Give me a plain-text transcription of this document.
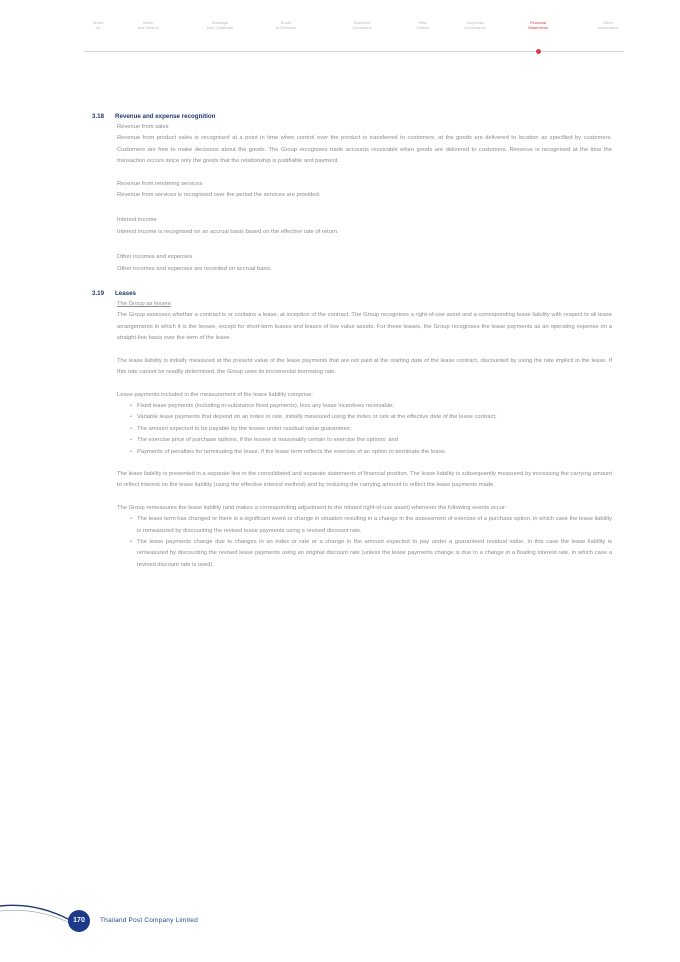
About
Us
Vision
and Mission
Message
from Chairman
Board
of Directors
Business
Operations
Risk
Factors
Corporate
Governance
Financial
Statements
Other
Information
3.18 Revenue and expense recognition

Revenue from sales

Revenue from product sales is recognised at a point in time when control over the product is transferred to customers, at the goods are delivered to location as specified by customers. Customers are free to make decisions about the goods. The Group recognises trade accounts receivable when goods are delivered to customers. Revenue is recognised at the time the transaction occurs since only the goods that the relationship is justifiable and payment.

Revenue from rendering services

Revenue from services is recognised over the period the services are provided.

Interest income

Interest income is recognised on an accrual basis based on the effective rate of return.

Other incomes and expenses

Other incomes and expenses are recorded on accrual basis.

3.19 Leases

The Group as lessee

The Group assesses whether a contract is or contains a lease, at inception of the contract. The Group recognises a right-of-use asset and a corresponding lease liability with respect to all lease arrangements in which it is the lessee, except for short-term leases and leases of low value assets. For these leases, the Group recognises the lease payments as an operating expense on a straight-line basis over the term of the lease.

The lease liability is initially measured at the present value of the lease payments that are not paid at the starting date of the lease contract, discounted by using the rate implicit in the lease. If this rate cannot be readily determined, the Group uses its incremental borrowing rate.

Lease payments included in the measurement of the lease liability comprise:

• Fixed lease payments (including in-substance fixed payments), less any lease incentives receivable;

• Variable lease payments that depend on an index or rate, initially measured using the index or rate at the effective date of the lease contract;

• The amount expected to be payable by the lessee under residual value guarantees;

• The exercise price of purchase options, if the lessee is reasonably certain to exercise the options; and

• Payments of penalties for terminating the lease, if the lease term reflects the exercise of an option to terminate the lease.

The lease liability is presented in a separate line in the consolidated and separate statements of financial position. The lease liability is subsequently measured by increasing the carrying amount to reflect interest on the lease liability (using the effective interest method) and by reducing the carrying amount to reflect the lease payments made.

The Group remeasures the lease liability (and makes a corresponding adjustment to the related right-of-use asset) whenever the following events occur:

• The lease term has changed or there is a significant event or change in situation resulting in a change in the assessment of exercise of a purchase option, in which case the lease liability is remeasured by discounting the revised lease payments using a revised discount rate.

• The lease payments change due to changes in an index or rate or a change in the amount expected to pay under a guaranteed residual value, in this case the lease liability is remeasured by discounting the revised lease payments using an original discount rate (unless the lease payments change is due to a change in a floating interest rate, in which case a revised discount rate is used).

170	Thailand Post Company Limited
